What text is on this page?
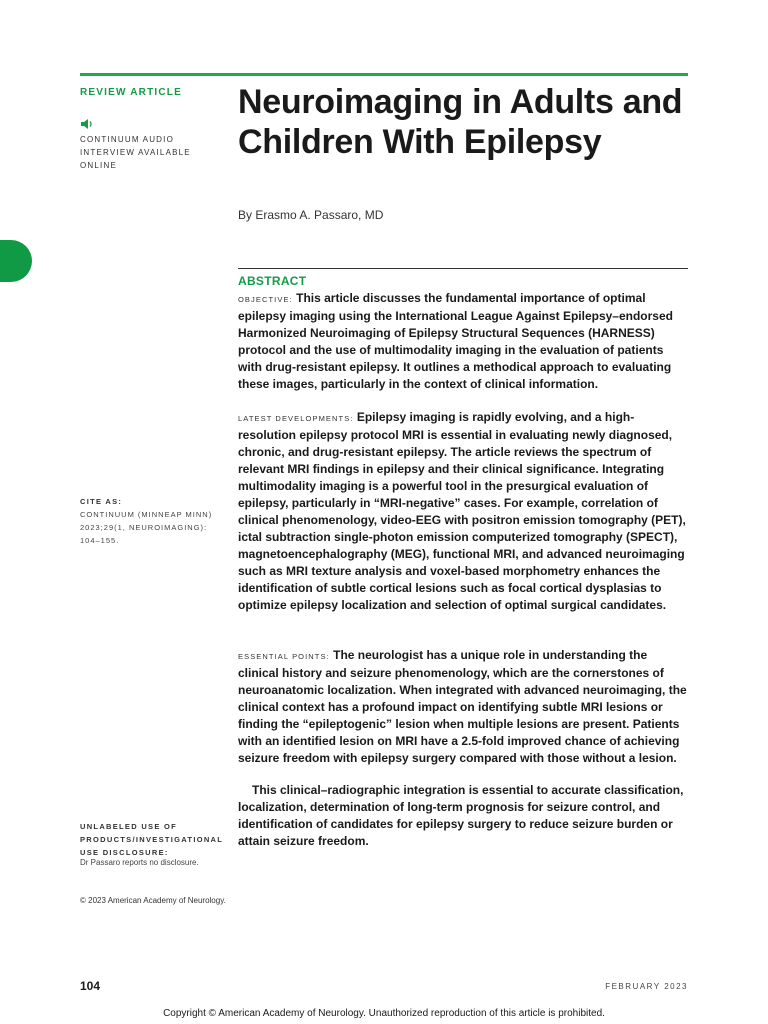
REVIEW ARTICLE
CONTINUUM AUDIO INTERVIEW AVAILABLE ONLINE
Neuroimaging in Adults and Children With Epilepsy
By Erasmo A. Passaro, MD
ABSTRACT

OBJECTIVE: This article discusses the fundamental importance of optimal epilepsy imaging using the International League Against Epilepsy–endorsed Harmonized Neuroimaging of Epilepsy Structural Sequences (HARNESS) protocol and the use of multimodality imaging in the evaluation of patients with drug-resistant epilepsy. It outlines a methodical approach to evaluating these images, particularly in the context of clinical information.

LATEST DEVELOPMENTS: Epilepsy imaging is rapidly evolving, and a high-resolution epilepsy protocol MRI is essential in evaluating newly diagnosed, chronic, and drug-resistant epilepsy. The article reviews the spectrum of relevant MRI findings in epilepsy and their clinical significance. Integrating multimodality imaging is a powerful tool in the presurgical evaluation of epilepsy, particularly in “MRI-negative” cases. For example, correlation of clinical phenomenology, video-EEG with positron emission tomography (PET), ictal subtraction single-photon emission computerized tomography (SPECT), magnetoencephalography (MEG), functional MRI, and advanced neuroimaging such as MRI texture analysis and voxel-based morphometry enhances the identification of subtle cortical lesions such as focal cortical dysplasias to optimize epilepsy localization and selection of optimal surgical candidates.

ESSENTIAL POINTS: The neurologist has a unique role in understanding the clinical history and seizure phenomenology, which are the cornerstones of neuroanatomic localization. When integrated with advanced neuroimaging, the clinical context has a profound impact on identifying subtle MRI lesions or finding the “epileptogenic” lesion when multiple lesions are present. Patients with an identified lesion on MRI have a 2.5-fold improved chance of achieving seizure freedom with epilepsy surgery compared with those without a lesion.

This clinical–radiographic integration is essential to accurate classification, localization, determination of long-term prognosis for seizure control, and identification of candidates for epilepsy surgery to reduce seizure burden or attain seizure freedom.

CITE AS:
CONTINUUM (MINNEAP MINN) 2023;29(1, NEUROIMAGING): 104–155.
UNLABELED USE OF PRODUCTS/INVESTIGATIONAL USE DISCLOSURE:
Dr Passaro reports no disclosure.
© 2023 American Academy of Neurology.
104	FEBRUARY 2023
Copyright © American Academy of Neurology. Unauthorized reproduction of this article is prohibited.
